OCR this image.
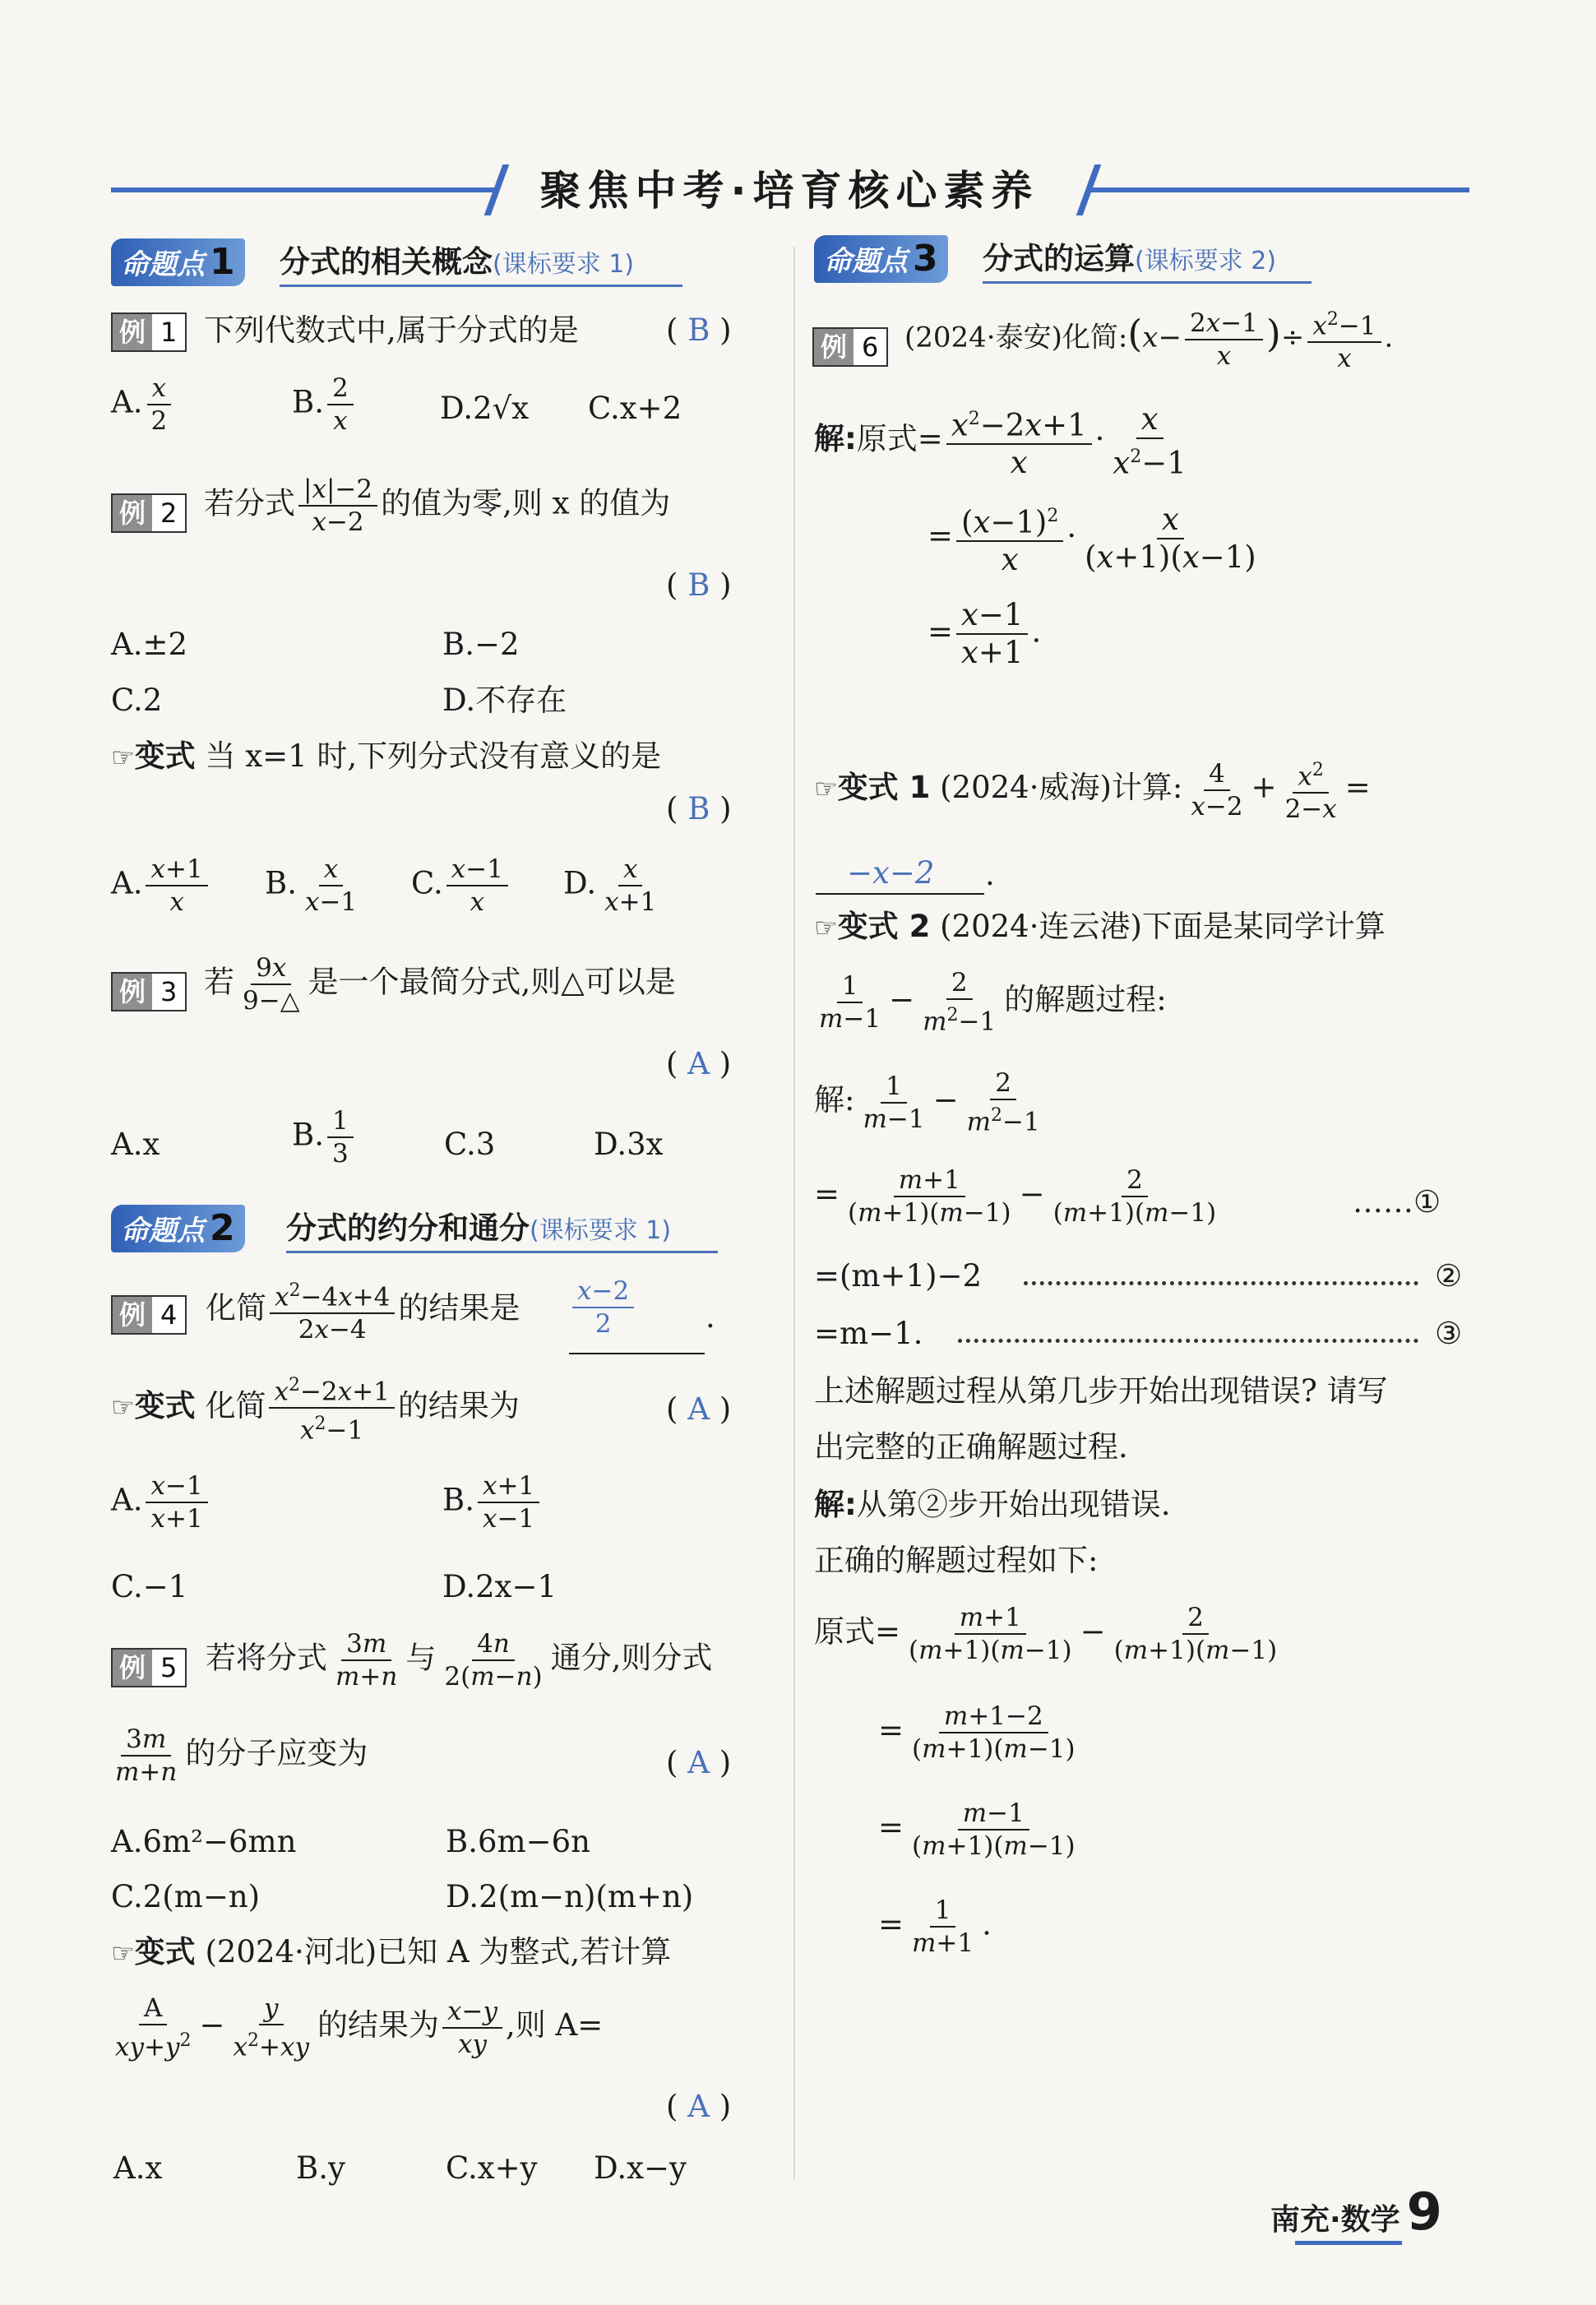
聚焦中考·培育核心素养
命题点 1	分式的相关概念(课标要求 1)
例 1 下列代数式中,属于分式的是	( B )
A. $\frac{x}{2}$	B. $\frac{2}{x}$	D.2√x C.x+2
例 2 若分式 $\frac{|x|-2}{x-2}$ 的值为零,则 x 的值为
( B )
A.±2	B.−2
C.2	D.不存在
☞变式 当 x=1 时,下列分式没有意义的是
( B )
A. $\frac{x+1}{x} B$. $\frac{x}{x-1} C$. $\frac{x-1}{x} D$. $\frac{x}{x+1}$
例 3 若 $\frac{9x}{9-\triangle}$ 是一个最简分式,则△可以是
( A )
A.x	B. $\frac{1}{3}$	C.3	D.3x
命题点 2	分式的约分和通分(课标要求 1)
例 4 化简 $\frac{x^2-4x+4}{2x-4}$ 的结果是 $\frac{x-2}{2}$ .
☞变式 化简 $\frac{x^2-2x+1}{x^2-1}$ 的结果为	( A )
A. $\frac{x-1}{x+1}$	B. $\frac{x+1}{x-1}$
C.−1	D.2x−1
例 5 若将分式 $\frac{3m}{m+n}$ 与 $\frac{4n}{2(m-n)}$ 通分,则分式
$\frac{3m}{m+n}$ 的分子应变为	( A )
A.6m²−6mn	B.6m−6n
C.2(m−n)	D.2(m−n)(m+n)
☞变式 (2024·河北)已知 A 为整式,若计算
$\frac{A}{xy+y^2} - \frac{y}{x^2+xy}$ 的结果为 $\frac{x-y}{xy}$ ,则 A=
( A )
A.x	B.y	C.x+y D.x−y
命题点 3	分式的运算(课标要求 2)
例 6 (2024·泰安)化简:(x− $\frac{2x-1}{x}$ )÷ $\frac{x^2-1}{x}$ .
解:原式= $\frac{x^2-2x+1}{x} \cdot \frac{x}{x^2-1}$
= $\frac{(x-1)^2}{x} \cdot \frac{x}{(x+1)(x-1)}$
= $\frac{x-1}{x+1}$ .
☞变式 1 (2024·威海)计算: $\frac{4}{x-2} + \frac{x^2}{2-x}$ =
−x−2 .
☞变式 2 (2024·连云港)下面是某同学计算
$\frac{1}{m-1} - \frac{2}{m^2-1}$ 的解题过程:
解: $\frac{1}{m-1} - \frac{2}{m^2-1}$
= $\frac{m+1}{(m+1)(m-1)} - \frac{2}{(m+1)(m-1)}$	……①
=(m+1)−2	②
=m−1.	③
上述解题过程从第几步开始出现错误? 请写
出完整的正确解题过程.
解:从第②步开始出现错误.
正确的解题过程如下:
原式= $\frac{m+1}{(m+1)(m-1)} - \frac{2}{(m+1)(m-1)}$
= $\frac{m+1-2}{(m+1)(m-1)}$
= $\frac{m-1}{(m+1)(m-1)}$
= $\frac{1}{m+1}$ .
南充·数学 9
